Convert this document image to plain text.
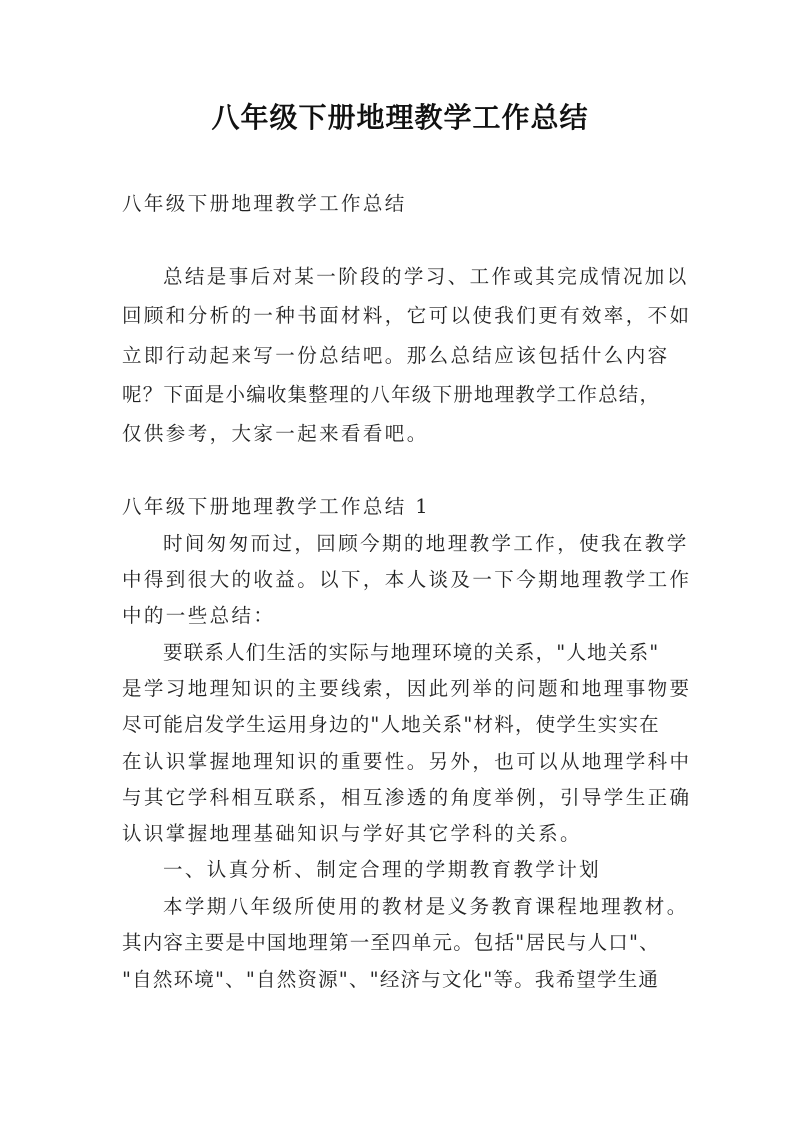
八年级下册地理教学工作总结
八年级下册地理教学工作总结
总结是事后对某一阶段的学习、工作或其完成情况加以
回顾和分析的一种书面材料，它可以使我们更有效率，不如
立即行动起来写一份总结吧。那么总结应该包括什么内容
呢？下面是小编收集整理的八年级下册地理教学工作总结，
仅供参考，大家一起来看看吧。
八年级下册地理教学工作总结 1
时间匆匆而过，回顾今期的地理教学工作，使我在教学
中得到很大的收益。以下，本人谈及一下今期地理教学工作
中的一些总结：
要联系人们生活的实际与地理环境的关系，"人地关系"
是学习地理知识的主要线索，因此列举的问题和地理事物要
尽可能启发学生运用身边的"人地关系"材料，使学生实实在
在认识掌握地理知识的重要性。另外，也可以从地理学科中
与其它学科相互联系，相互渗透的角度举例，引导学生正确
认识掌握地理基础知识与学好其它学科的关系。
一、认真分析、制定合理的学期教育教学计划
本学期八年级所使用的教材是义务教育课程地理教材。
其内容主要是中国地理第一至四单元。包括"居民与人口"、
"自然环境"、"自然资源"、"经济与文化"等。我希望学生通
